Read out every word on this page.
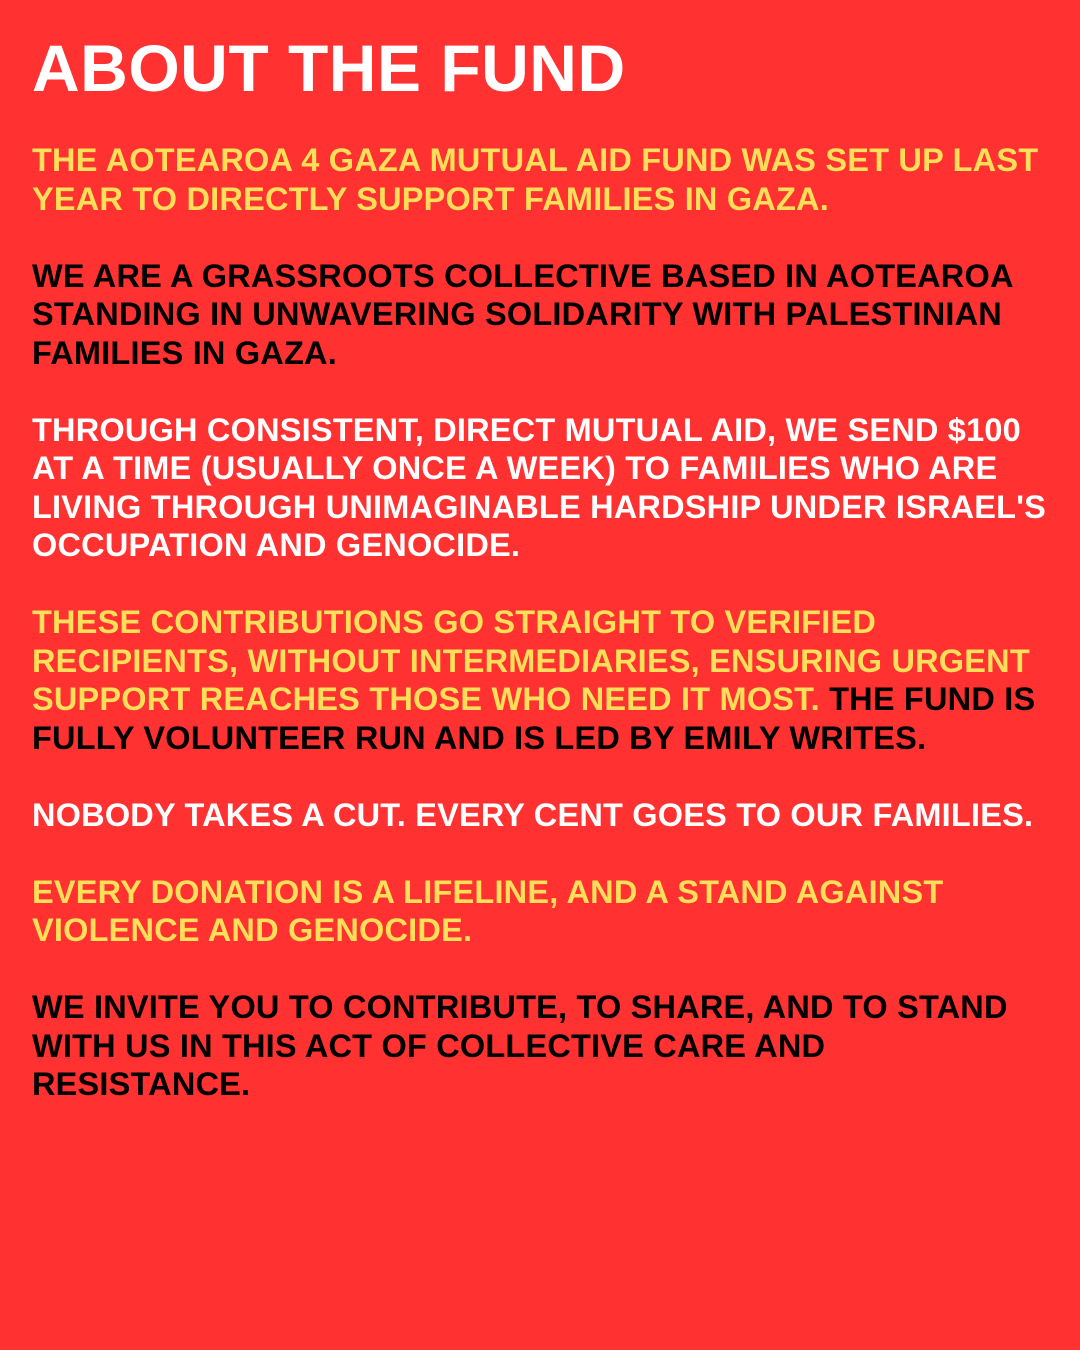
ABOUT THE FUND

THE AOTEAROA 4 GAZA MUTUAL AID FUND WAS SET UP LAST YEAR TO DIRECTLY SUPPORT FAMILIES IN GAZA.

WE ARE A GRASSROOTS COLLECTIVE BASED IN AOTEAROA STANDING IN UNWAVERING SOLIDARITY WITH PALESTINIAN FAMILIES IN GAZA.

THROUGH CONSISTENT, DIRECT MUTUAL AID, WE SEND $100 AT A TIME (USUALLY ONCE A WEEK) TO FAMILIES WHO ARE LIVING THROUGH UNIMAGINABLE HARDSHIP UNDER ISRAEL'S OCCUPATION AND GENOCIDE.

THESE CONTRIBUTIONS GO STRAIGHT TO VERIFIED RECIPIENTS, WITHOUT INTERMEDIARIES, ENSURING URGENT SUPPORT REACHES THOSE WHO NEED IT MOST. THE FUND IS FULLY VOLUNTEER RUN AND IS LED BY EMILY WRITES.

NOBODY TAKES A CUT. EVERY CENT GOES TO OUR FAMILIES.

EVERY DONATION IS A LIFELINE, AND A STAND AGAINST VIOLENCE AND GENOCIDE.

WE INVITE YOU TO CONTRIBUTE, TO SHARE, AND TO STAND WITH US IN THIS ACT OF COLLECTIVE CARE AND RESISTANCE.
